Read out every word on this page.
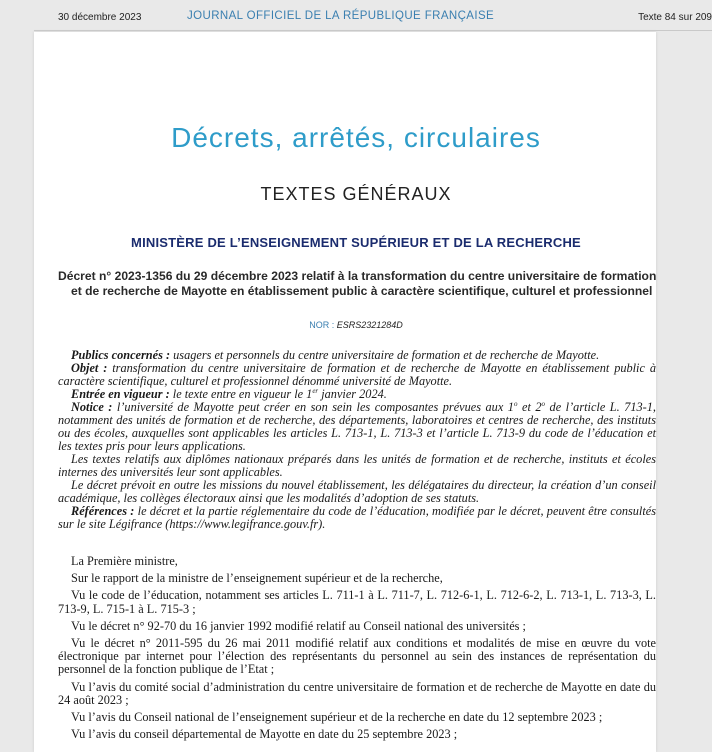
30 décembre 2023	JOURNAL OFFICIEL DE LA RÉPUBLIQUE FRANÇAISE	Texte 84 sur 209
Décrets, arrêtés, circulaires
TEXTES GÉNÉRAUX
MINISTÈRE DE L’ENSEIGNEMENT SUPÉRIEUR ET DE LA RECHERCHE
Décret n° 2023-1356 du 29 décembre 2023 relatif à la transformation du centre universitaire de formation et de recherche de Mayotte en établissement public à caractère scientifique, culturel et professionnel
NOR : ESRS2321284D

Publics concernés : usagers et personnels du centre universitaire de formation et de recherche de Mayotte.

Objet : transformation du centre universitaire de formation et de recherche de Mayotte en établissement public à caractère scientifique, culturel et professionnel dénommé université de Mayotte.

Entrée en vigueur : le texte entre en vigueur le 1er janvier 2024.

Notice : l’université de Mayotte peut créer en son sein les composantes prévues aux 1$^o$ et 2$^o$ de l’article L. 713-1, notamment des unités de formation et de recherche, des départements, laboratoires et centres de recherche, des instituts ou des écoles, auxquelles sont applicables les articles L. 713-1, L. 713-3 et l’article L. 713-9 du code de l’éducation et les textes pris pour leurs applications.

Les textes relatifs aux diplômes nationaux préparés dans les unités de formation et de recherche, instituts et écoles internes des universités leur sont applicables.

Le décret prévoit en outre les missions du nouvel établissement, les délégataires du directeur, la création d’un conseil académique, les collèges électoraux ainsi que les modalités d’adoption de ses statuts.

Références : le décret et la partie réglementaire du code de l’éducation, modifiée par le décret, peuvent être consultés sur le site Légifrance (https://www.legifrance.gouv.fr).

La Première ministre,

Sur le rapport de la ministre de l’enseignement supérieur et de la recherche,

Vu le code de l’éducation, notamment ses articles L. 711-1 à L. 711-7, L. 712-6-1, L. 712-6-2, L. 713-1, L. 713-3, L. 713-9, L. 715-1 à L. 715-3 ;

Vu le décret n° 92-70 du 16 janvier 1992 modifié relatif au Conseil national des universités ;

Vu le décret n° 2011-595 du 26 mai 2011 modifié relatif aux conditions et modalités de mise en œuvre du vote électronique par internet pour l’élection des représentants du personnel au sein des instances de représentation du personnel de la fonction publique de l’Etat ;

Vu l’avis du comité social d’administration du centre universitaire de formation et de recherche de Mayotte en date du 24 août 2023 ;

Vu l’avis du Conseil national de l’enseignement supérieur et de la recherche en date du 12 septembre 2023 ;

Vu l’avis du conseil départemental de Mayotte en date du 25 septembre 2023 ;
